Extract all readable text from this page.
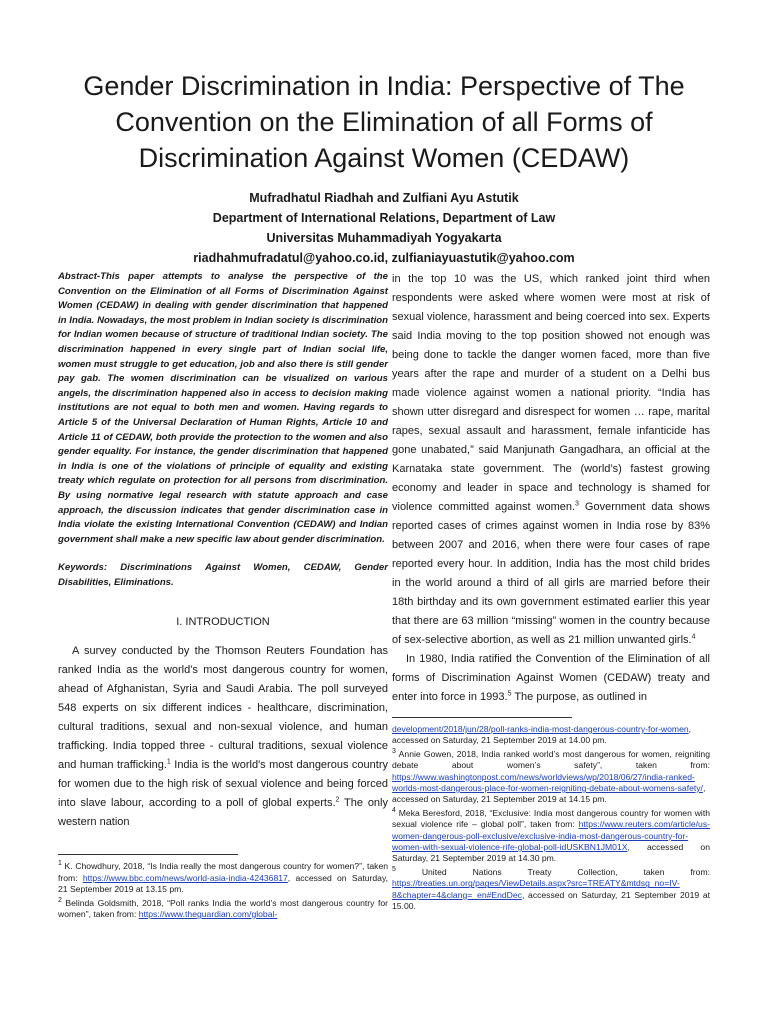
Gender Discrimination in India: Perspective of The Convention on the Elimination of all Forms of Discrimination Against Women (CEDAW)
Mufradhatul Riadhah and Zulfiani Ayu Astutik
Department of International Relations, Department of Law
Universitas Muhammadiyah Yogyakarta
riadhahmufradatul@yahoo.co.id, zulfianiayuastutik@yahoo.com

Abstract-This paper attempts to analyse the perspective of the Convention on the Elimination of all Forms of Discrimination Against Women (CEDAW) in dealing with gender discrimination that happened in India. Nowadays, the most problem in Indian society is discrimination for Indian women because of structure of traditional Indian society. The discrimination happened in every single part of Indian social life, women must struggle to get education, job and also there is still gender pay gab. The women discrimination can be visualized on various angels, the discrimination happened also in access to decision making institutions are not equal to both men and women. Having regards to Article 5 of the Universal Declaration of Human Rights, Article 10 and Article 11 of CEDAW, both provide the protection to the women and also gender equality. For instance, the gender discrimination that happened in India is one of the violations of principle of equality and existing treaty which regulate on protection for all persons from discrimination. By using normative legal research with statute approach and case approach, the discussion indicates that gender discrimination case in India violate the existing International Convention (CEDAW) and Indian government shall make a new specific law about gender discrimination.

Keywords: Discriminations Against Women, CEDAW, Gender Disabilities, Eliminations.

I. INTRODUCTION

A survey conducted by the Thomson Reuters Foundation has ranked India as the world's most dangerous country for women, ahead of Afghanistan, Syria and Saudi Arabia. The poll surveyed 548 experts on six different indices - healthcare, discrimination, cultural traditions, sexual and non-sexual violence, and human trafficking. India topped three - cultural traditions, sexual violence and human trafficking.$^1$ India is the world's most dangerous country for women due to the high risk of sexual violence and being forced into slave labour, according to a poll of global experts.$^2$ The only western nation

$^1$ K. Chowdhury, 2018, “Is India really the most dangerous country for women?”, taken from: https://www.bbc.com/news/world-asia-india-42436817, accessed on Saturday, 21 September 2019 at 13.15 pm.

$^2$ Belinda Goldsmith, 2018, “Poll ranks India the world’s most dangerous country for women”, taken from: https://www.theguardian.com/global-

in the top 10 was the US, which ranked joint third when respondents were asked where women were most at risk of sexual violence, harassment and being coerced into sex. Experts said India moving to the top position showed not enough was being done to tackle the danger women faced, more than five years after the rape and murder of a student on a Delhi bus made violence against women a national priority. “India has shown utter disregard and disrespect for women … rape, marital rapes, sexual assault and harassment, female infanticide has gone unabated,” said Manjunath Gangadhara, an official at the Karnataka state government. The (world’s) fastest growing economy and leader in space and technology is shamed for violence committed against women.$^3$ Government data shows reported cases of crimes against women in India rose by 83% between 2007 and 2016, when there were four cases of rape reported every hour. In addition, India has the most child brides in the world around a third of all girls are married before their 18th birthday and its own government estimated earlier this year that there are 63 million “missing” women in the country because of sex-selective abortion, as well as 21 million unwanted girls.$^4$

In 1980, India ratified the Convention of the Elimination of all forms of Discrimination Against Women (CEDAW) treaty and enter into force in 1993.$^5$ The purpose, as outlined in

development/2018/jun/28/poll-ranks-india-most-dangerous-country-for-women, accessed on Saturday, 21 September 2019 at 14.00 pm.

$^3$ Annie Gowen, 2018, India ranked world’s most dangerous for women, reigniting debate about women’s safety”, taken from: https://www.washingtonpost.com/news/worldviews/wp/2018/06/27/india-ranked-worlds-most-dangerous-place-for-women-reigniting-debate-about-womens-safety/, accessed on Saturday, 21 September 2019 at 14.15 pm.

$^4$ Meka Beresford, 2018, “Exclusive: India most dangerous country for women with sexual violence rife – global poll”, taken from: https://www.reuters.com/article/us-women-dangerous-poll-exclusive/exclusive-india-most-dangerous-country-for-women-with-sexual-violence-rife-global-poll-idUSKBN1JM01X, accessed on Saturday, 21 September 2019 at 14.30 pm.

$^5$ United Nations Treaty Collection, taken from: https://treaties.un.org/pages/ViewDetails.aspx?src=TREATY&mtdsg_no=IV-8&chapter=4&clang=_en#EndDec, accessed on Saturday, 21 September 2019 at 15.00.
